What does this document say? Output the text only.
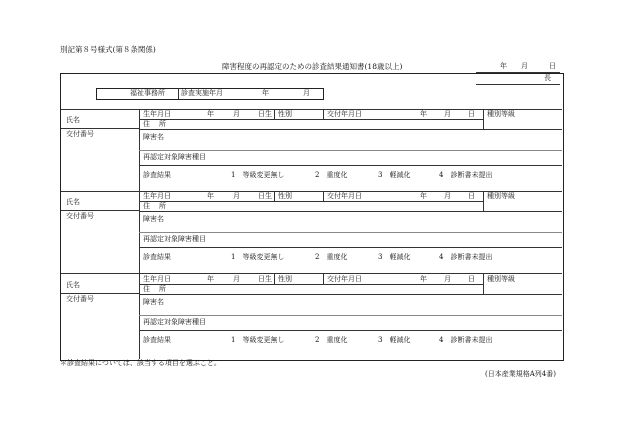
別記第８号様式(第８条関係)
障害程度の再認定のための診査結果通知書(18歳以上)	年 月	日
長
福祉事務所 診査実施年月	年	月
生年月日	年	月	日生 性別	交付年月日	年 月 日 種別等級
氏名
交付番号
住　所
障害名
再認定対象障害種目
診査結果	1　等級変更無し	2　重度化	3　軽減化	4　診断書未提出
生年月日	年	月	日生 性別	交付年月日	年 月 日 種別等級
氏名
交付番号
住　所
障害名
再認定対象障害種目
診査結果	1　等級変更無し	2　重度化	3　軽減化	4　診断書未提出
生年月日	年	月	日生 性別	交付年月日	年 月 日 種別等級
氏名
交付番号
住　所
障害名
再認定対象障害種目
診査結果	1　等級変更無し	2　重度化	3　軽減化	4　診断書未提出
＊診査結果については、該当する項目を選ぶこと。
(日本産業規格A列4番)
